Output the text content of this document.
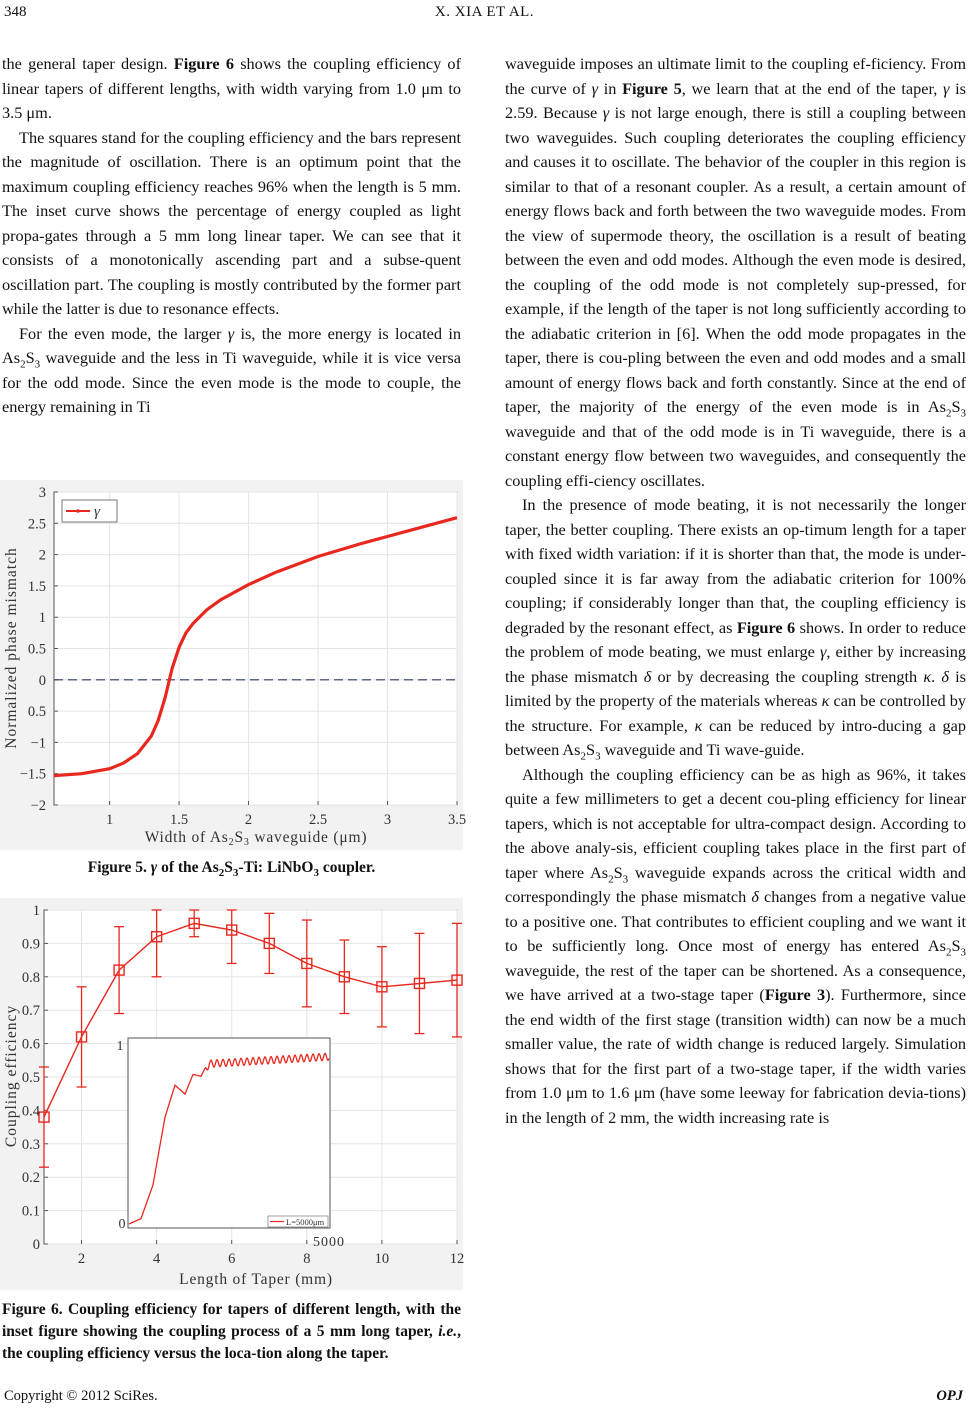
348	X. XIA ET AL.

the general taper design. Figure 6 shows the coupling efficiency of linear tapers of different lengths, with width varying from 1.0 μm to 3.5 μm.

The squares stand for the coupling efficiency and the bars represent the magnitude of oscillation. There is an optimum point that the maximum coupling efficiency reaches 96% when the length is 5 mm. The inset curve shows the percentage of energy coupled as light propa-gates through a 5 mm long linear taper. We can see that it consists of a monotonically ascending part and a subse-quent oscillation part. The coupling is mostly contributed by the former part while the latter is due to resonance effects.

For the even mode, the larger γ is, the more energy is located in $As_2S_3$ waveguide and the less in Ti waveguide, while it is vice versa for the odd mode. Since the even mode is the mode to couple, the energy remaining in Ti

3
2.5
2
1.5
1
0.5
0
0.5
−1
−1.5
−2
1	1.5	2	2.5	3	3.5
γ
Normalized phase mismatch
Width of As2S3 waveguide (μm)
Figure 5. γ of the $As_2S_3-Ti$: LiNbO$_3$ coupler.
1
0.9
0.8
0.7
0.6
0.5
0.4
0.3
0.2
0.1
0
2	4	6	8	10	12
1
0
5000
L=5000μm
Coupling efficiency
Length of Taper (mm)
Figure 6. Coupling efficiency for tapers of different length, with the inset figure showing the coupling process of a 5 mm long taper, i.e., the coupling efficiency versus the loca-tion along the taper.

waveguide imposes an ultimate limit to the coupling ef-ficiency. From the curve of γ in Figure 5, we learn that at the end of the taper, γ is 2.59. Because γ is not large enough, there is still a coupling between two waveguides. Such coupling deteriorates the coupling efficiency and causes it to oscillate. The behavior of the coupler in this region is similar to that of a resonant coupler. As a result, a certain amount of energy flows back and forth between the two waveguide modes. From the view of supermode theory, the oscillation is a result of beating between the even and odd modes. Although the even mode is desired, the coupling of the odd mode is not completely sup-pressed, for example, if the length of the taper is not long sufficiently according to the adiabatic criterion in [6]. When the odd mode propagates in the taper, there is cou-pling between the even and odd modes and a small amount of energy flows back and forth constantly. Since at the end of taper, the majority of the energy of the even mode is in $As_2S_3$ waveguide and that of the odd mode is in Ti waveguide, there is a constant energy flow between two waveguides, and consequently the coupling effi-ciency oscillates.

In the presence of mode beating, it is not necessarily the longer taper, the better coupling. There exists an op-timum length for a taper with fixed width variation: if it is shorter than that, the mode is under-coupled since it is far away from the adiabatic criterion for 100% coupling; if considerably longer than that, the coupling efficiency is degraded by the resonant effect, as Figure 6 shows. In order to reduce the problem of mode beating, we must enlarge γ, either by increasing the phase mismatch δ or by decreasing the coupling strength κ. δ is limited by the property of the materials whereas κ can be controlled by the structure. For example, κ can be reduced by intro-ducing a gap between $As_2S_3$ waveguide and Ti wave-guide.

Although the coupling efficiency can be as high as 96%, it takes quite a few millimeters to get a decent cou-pling efficiency for linear tapers, which is not acceptable for ultra-compact design. According to the above analy-sis, efficient coupling takes place in the first part of taper where $As_2S_3$ waveguide expands across the critical width and correspondingly the phase mismatch δ changes from a negative value to a positive one. That contributes to efficient coupling and we want it to be sufficiently long. Once most of energy has entered $As_2S_3$ waveguide, the rest of the taper can be shortened. As a consequence, we have arrived at a two-stage taper (Figure 3). Furthermore, since the end width of the first stage (transition width) can now be a much smaller value, the rate of width change is reduced largely. Simulation shows that for the first part of a two-stage taper, if the width varies from 1.0 μm to 1.6 μm (have some leeway for fabrication devia-tions) in the length of 2 mm, the width increasing rate is

Copyright © 2012 SciRes.	OPJ
